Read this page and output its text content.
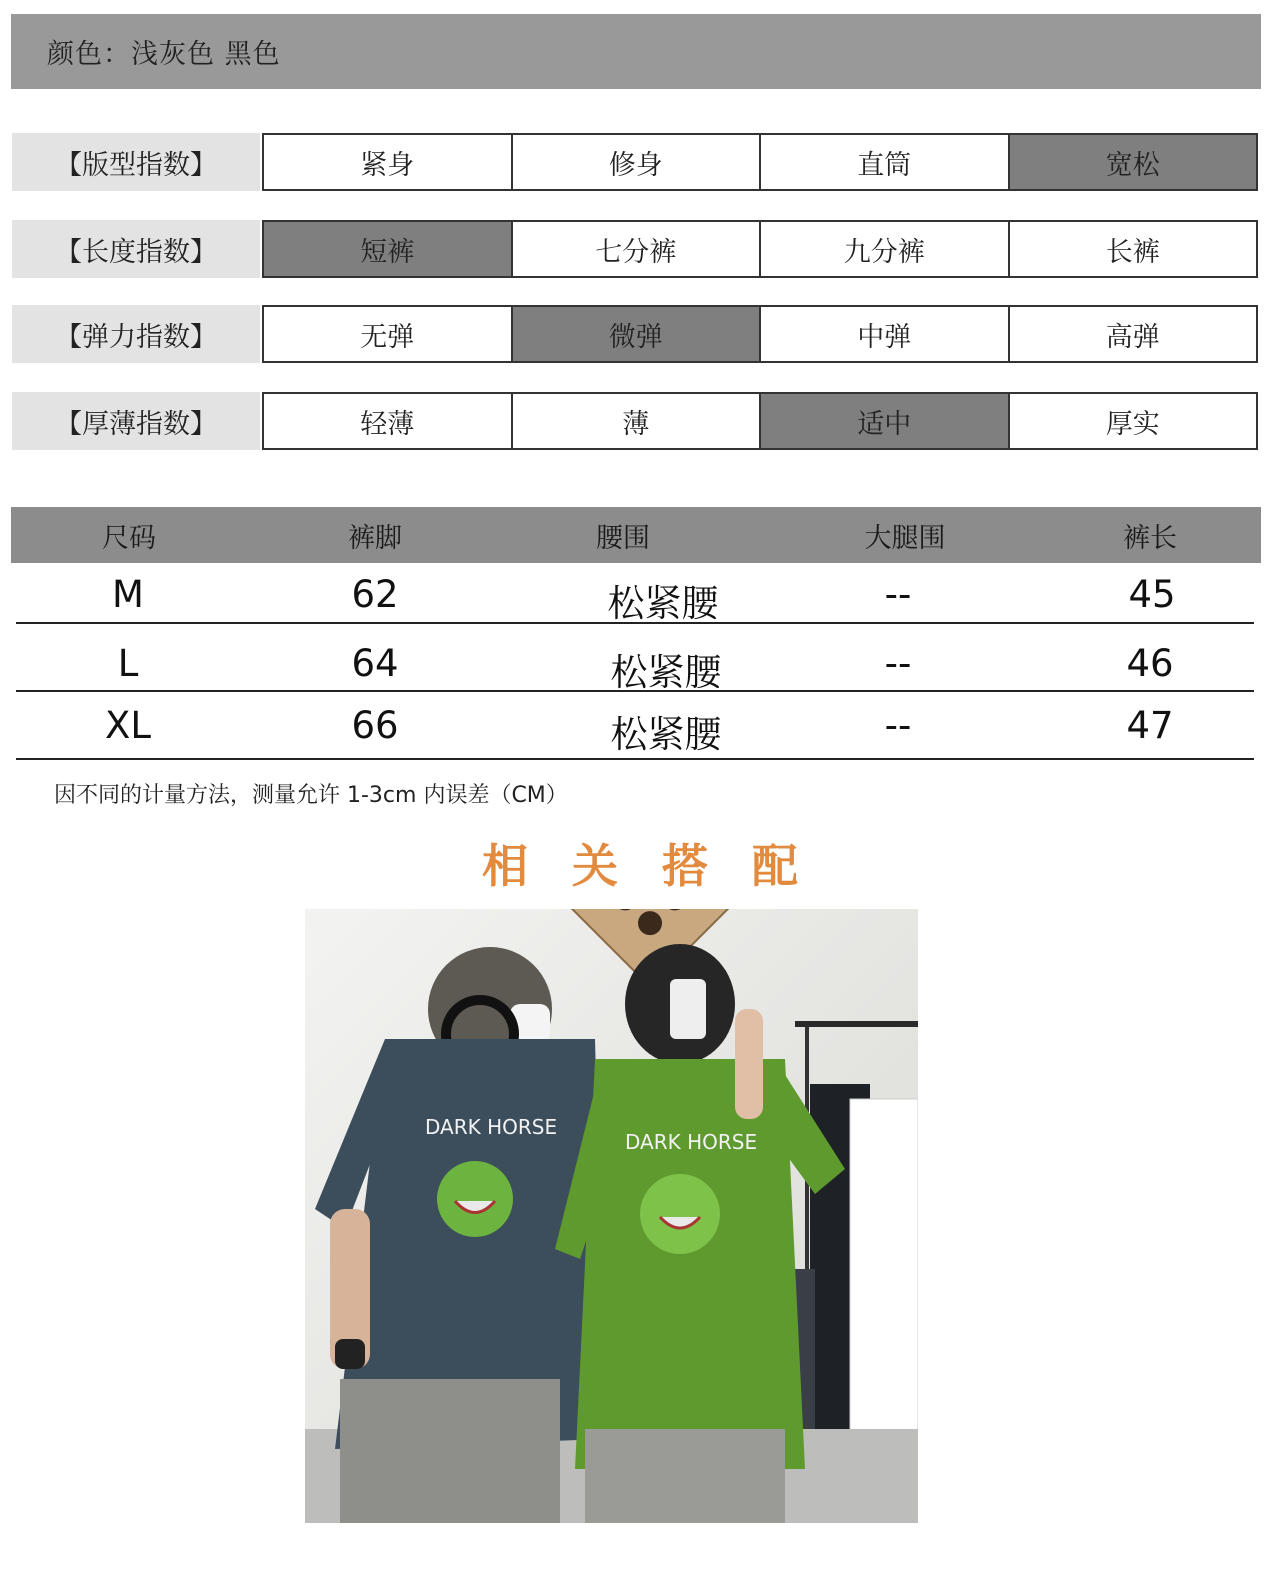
颜色：浅灰色 黑色
【版型指数】	紧身	修身	直筒	宽松
【长度指数】	短裤	七分裤	九分裤	长裤
【弹力指数】	无弹	微弹	中弹	高弹
【厚薄指数】	轻薄	薄	适中	厚实
尺码	裤脚	腰围	大腿围	裤长
M	62	松紧腰	--	45
L	64	松紧腰	--	46
XL	66	松紧腰	--	47
因不同的计量方法，测量允许 1-3cm 内误差（CM）
相关搭配
DARK HORSE
DARK HORSE
